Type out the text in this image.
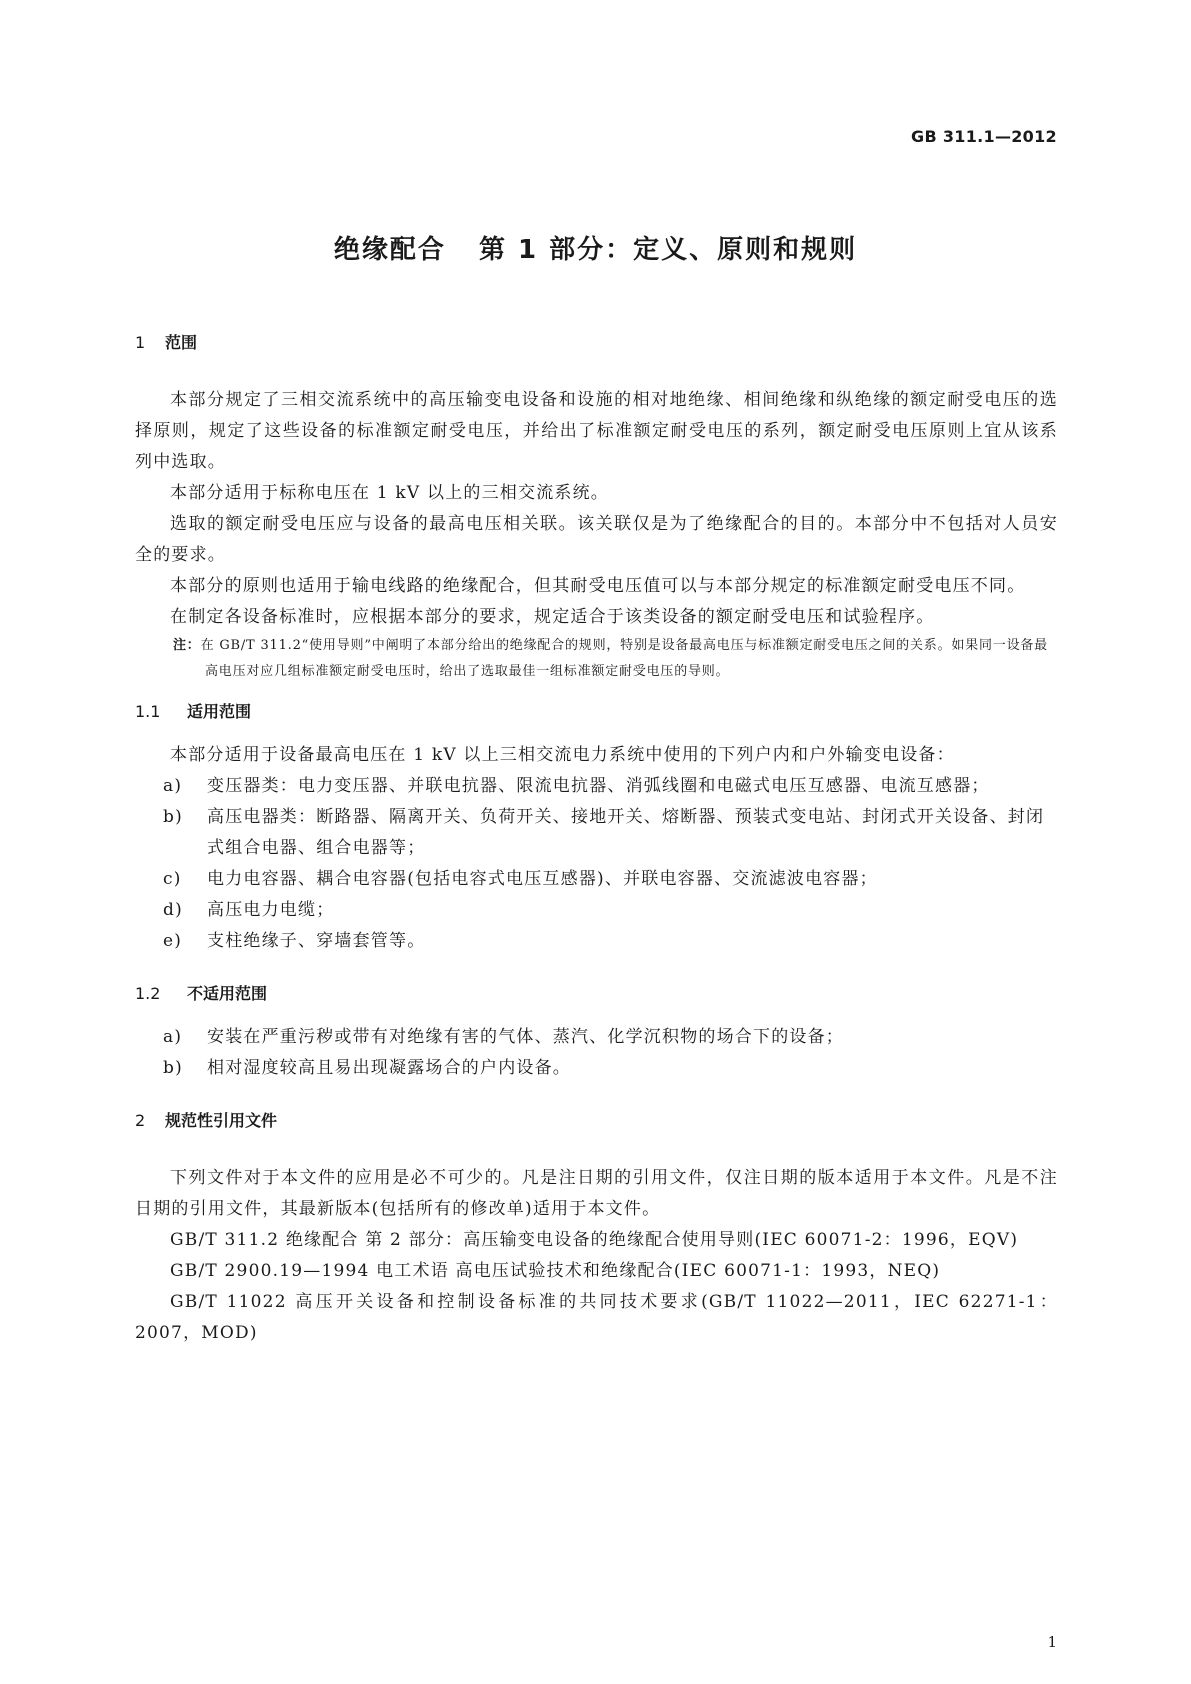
GB 311.1—2012
绝缘配合   第 1 部分：定义、原则和规则
1 范围

本部分规定了三相交流系统中的高压输变电设备和设施的相对地绝缘、相间绝缘和纵绝缘的额定耐受电压的选择原则，规定了这些设备的标准额定耐受电压，并给出了标准额定耐受电压的系列，额定耐受电压原则上宜从该系列中选取。

本部分适用于标称电压在 1 kV 以上的三相交流系统。

选取的额定耐受电压应与设备的最高电压相关联。该关联仅是为了绝缘配合的目的。本部分中不包括对人员安全的要求。

本部分的原则也适用于输电线路的绝缘配合，但其耐受电压值可以与本部分规定的标准额定耐受电压不同。

在制定各设备标准时，应根据本部分的要求，规定适合于该类设备的额定耐受电压和试验程序。

注：在 GB/T 311.2“使用导则”中阐明了本部分给出的绝缘配合的规则，特别是设备最高电压与标准额定耐受电压之间的关系。如果同一设备最高电压对应几组标准额定耐受电压时，给出了选取最佳一组标准额定耐受电压的导则。
1.1 适用范围

本部分适用于设备最高电压在 1 kV 以上三相交流电力系统中使用的下列户内和户外输变电设备：

a) 变压器类：电力变压器、并联电抗器、限流电抗器、消弧线圈和电磁式电压互感器、电流互感器；
b) 高压电器类：断路器、隔离开关、负荷开关、接地开关、熔断器、预装式变电站、封闭式开关设备、封闭式组合电器、组合电器等；
c) 电力电容器、耦合电容器(包括电容式电压互感器)、并联电容器、交流滤波电容器；
d) 高压电力电缆；
e) 支柱绝缘子、穿墙套管等。
1.2 不适用范围
a) 安装在严重污秽或带有对绝缘有害的气体、蒸汽、化学沉积物的场合下的设备；
b) 相对湿度较高且易出现凝露场合的户内设备。
2 规范性引用文件

下列文件对于本文件的应用是必不可少的。凡是注日期的引用文件，仅注日期的版本适用于本文件。凡是不注日期的引用文件，其最新版本(包括所有的修改单)适用于本文件。

GB/T 311.2 绝缘配合 第 2 部分：高压输变电设备的绝缘配合使用导则(IEC 60071-2：1996，EQV)

GB/T 2900.19—1994 电工术语 高电压试验技术和绝缘配合(IEC 60071-1：1993，NEQ)

GB/T 11022 高压开关设备和控制设备标准的共同技术要求(GB/T 11022—2011，IEC 62271-1：2007，MOD)

1
